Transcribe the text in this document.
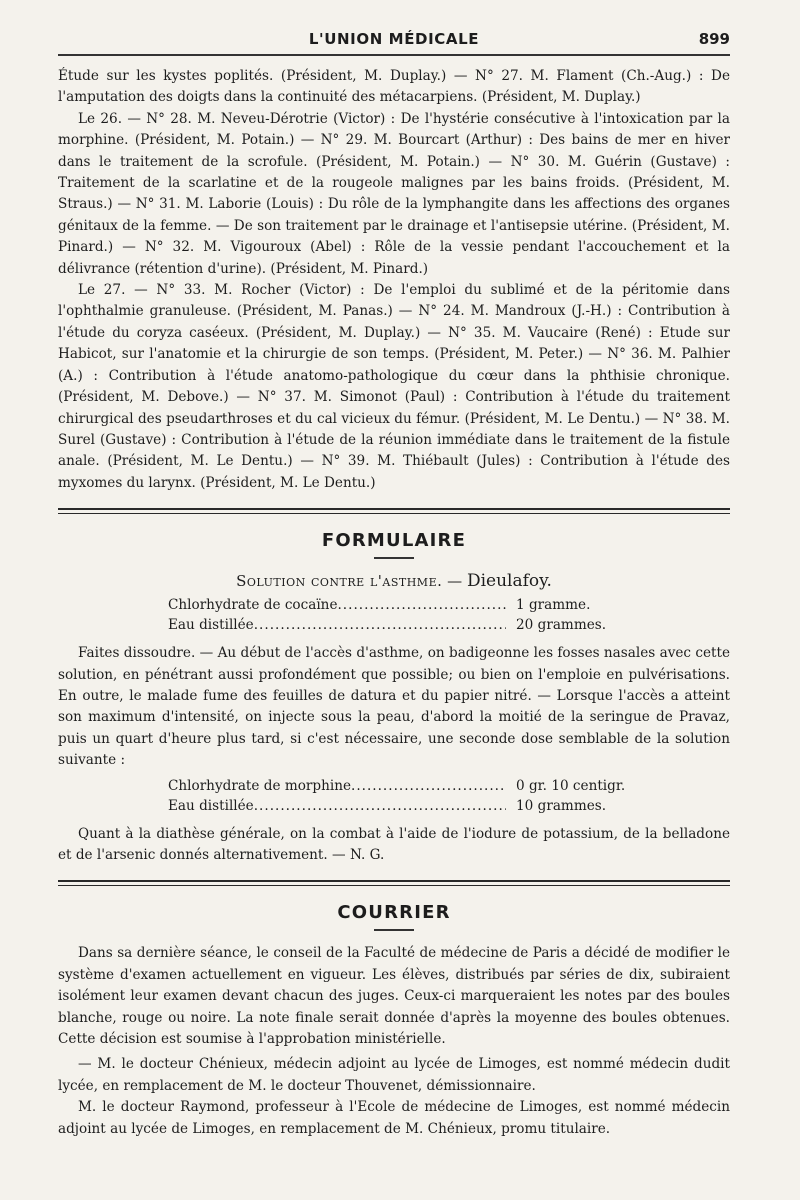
L'UNION MÉDICALE	899

Étude sur les kystes poplités. (Président, M. Duplay.) — N° 27. M. Flament (Ch.-Aug.) : De l'amputation des doigts dans la continuité des métacarpiens. (Président, M. Duplay.)

Le 26. — N° 28. M. Neveu-Dérotrie (Victor) : De l'hystérie consécutive à l'intoxication par la morphine. (Président, M. Potain.) — N° 29. M. Bourcart (Arthur) : Des bains de mer en hiver dans le traitement de la scrofule. (Président, M. Potain.) — N° 30. M. Guérin (Gustave) : Traitement de la scarlatine et de la rougeole malignes par les bains froids. (Président, M. Straus.) — N° 31. M. Laborie (Louis) : Du rôle de la lymphangite dans les affections des organes génitaux de la femme. — De son traitement par le drainage et l'antisepsie utérine. (Président, M. Pinard.) — N° 32. M. Vigouroux (Abel) : Rôle de la vessie pendant l'accouchement et la délivrance (rétention d'urine). (Président, M. Pinard.)

Le 27. — N° 33. M. Rocher (Victor) : De l'emploi du sublimé et de la péritomie dans l'ophthalmie granuleuse. (Président, M. Panas.) — N° 24. M. Mandroux (J.-H.) : Contribution à l'étude du coryza caséeux. (Président, M. Duplay.) — N° 35. M. Vaucaire (René) : Etude sur Habicot, sur l'anatomie et la chirurgie de son temps. (Président, M. Peter.) — N° 36. M. Palhier (A.) : Contribution à l'étude anatomo-pathologique du cœur dans la phthisie chronique. (Président, M. Debove.) — N° 37. M. Simonot (Paul) : Contribution à l'étude du traitement chirurgical des pseudarthroses et du cal vicieux du fémur. (Président, M. Le Dentu.) — N° 38. M. Surel (Gustave) : Contribution à l'étude de la réunion immédiate dans le traitement de la fistule anale. (Président, M. Le Dentu.) — N° 39. M. Thiébault (Jules) : Contribution à l'étude des myxomes du larynx. (Président, M. Le Dentu.)

FORMULAIRE
Solution contre l'asthme. — Dieulafoy.
Chlorhydrate de cocaïne .....	1 gramme.
Eau distillée .....	20 grammes.

Faites dissoudre. — Au début de l'accès d'asthme, on badigeonne les fosses nasales avec cette solution, en pénétrant aussi profondément que possible; ou bien on l'emploie en pulvérisations. En outre, le malade fume des feuilles de datura et du papier nitré. — Lorsque l'accès a atteint son maximum d'intensité, on injecte sous la peau, d'abord la moitié de la seringue de Pravaz, puis un quart d'heure plus tard, si c'est nécessaire, une seconde dose semblable de la solution suivante :

Chlorhydrate de morphine .....	0 gr. 10 centigr.
Eau distillée .....	10 grammes.

Quant à la diathèse générale, on la combat à l'aide de l'iodure de potassium, de la belladone et de l'arsenic donnés alternativement. — N. G.

COURRIER

Dans sa dernière séance, le conseil de la Faculté de médecine de Paris a décidé de modifier le système d'examen actuellement en vigueur. Les élèves, distribués par séries de dix, subiraient isolément leur examen devant chacun des juges. Ceux-ci marqueraient les notes par des boules blanche, rouge ou noire. La note finale serait donnée d'après la moyenne des boules obtenues. Cette décision est soumise à l'approbation ministérielle.

— M. le docteur Chénieux, médecin adjoint au lycée de Limoges, est nommé médecin dudit lycée, en remplacement de M. le docteur Thouvenet, démissionnaire.

M. le docteur Raymond, professeur à l'Ecole de médecine de Limoges, est nommé médecin adjoint au lycée de Limoges, en remplacement de M. Chénieux, promu titulaire.
